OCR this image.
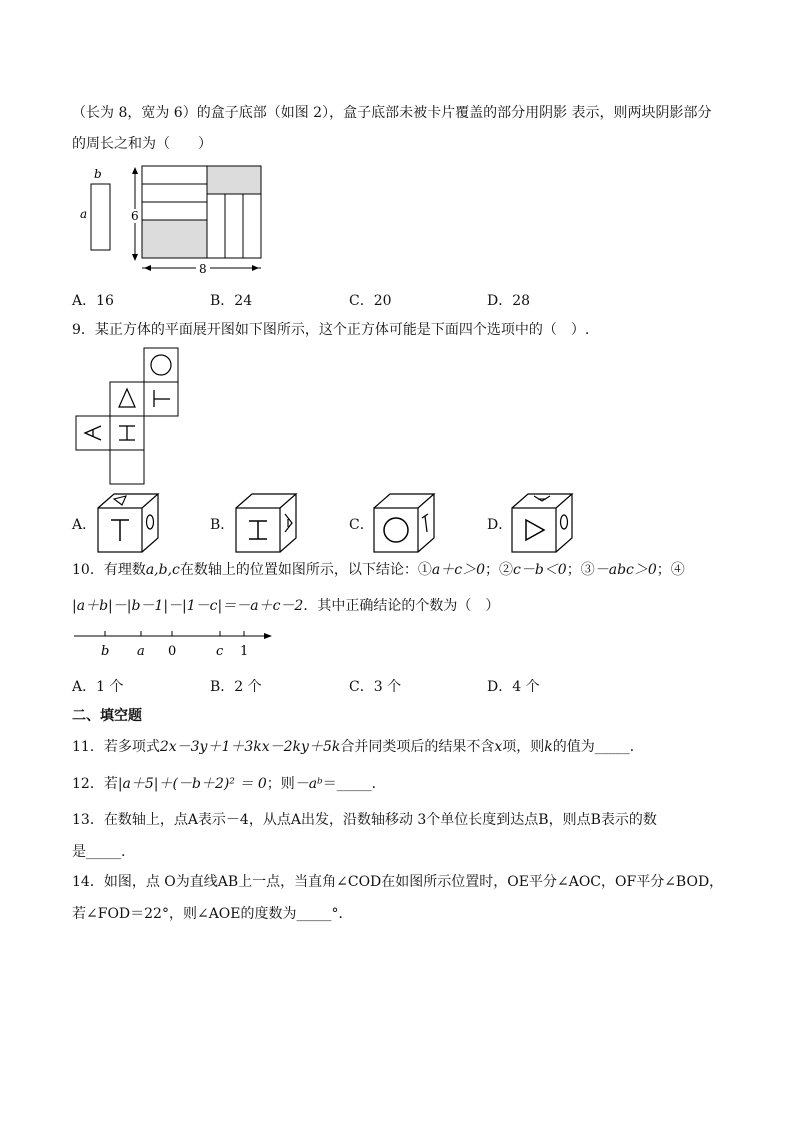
（长为 8，宽为 6）的盒子底部（如图 2），盒子底部未被卡片覆盖的部分用阴影 表示，则两块阴影部分
的周长之和为（　　）
b
a	6
8
A．16	B．24	C．20	D．28
9．某正方体的平面展开图如下图所示，这个正方体可能是下面四个选项中的（　）.
A．	B．	C．	D．
10．有理数a,b,c在数轴上的位置如图所示，以下结论：①a＋c＞0；②c－b＜0；③－abc＞0；④
|a＋b|－|b－1|－|1－c|＝－a＋c－2．其中正确结论的个数为（　）
b a 0	c 1
A．1 个	B．2 个	C．3 个	D．4 个
二、填空题
11．若多项式2x－3y＋1＋3kx－2ky＋5k合并同类项后的结果不含x项，则k的值为_____．
12．若|a＋5|＋(－b＋2)² ＝ 0；则－aᵇ＝_____．
13．在数轴上，点A表示－4，从点A出发，沿数轴移动 3个单位长度到达点B，则点B表示的数
是_____.
14．如图，点 O为直线AB上一点，当直角∠COD在如图所示位置时，OE平分∠AOC，OF平分∠BOD，
若∠FOD＝22°，则∠AOE的度数为_____°．
